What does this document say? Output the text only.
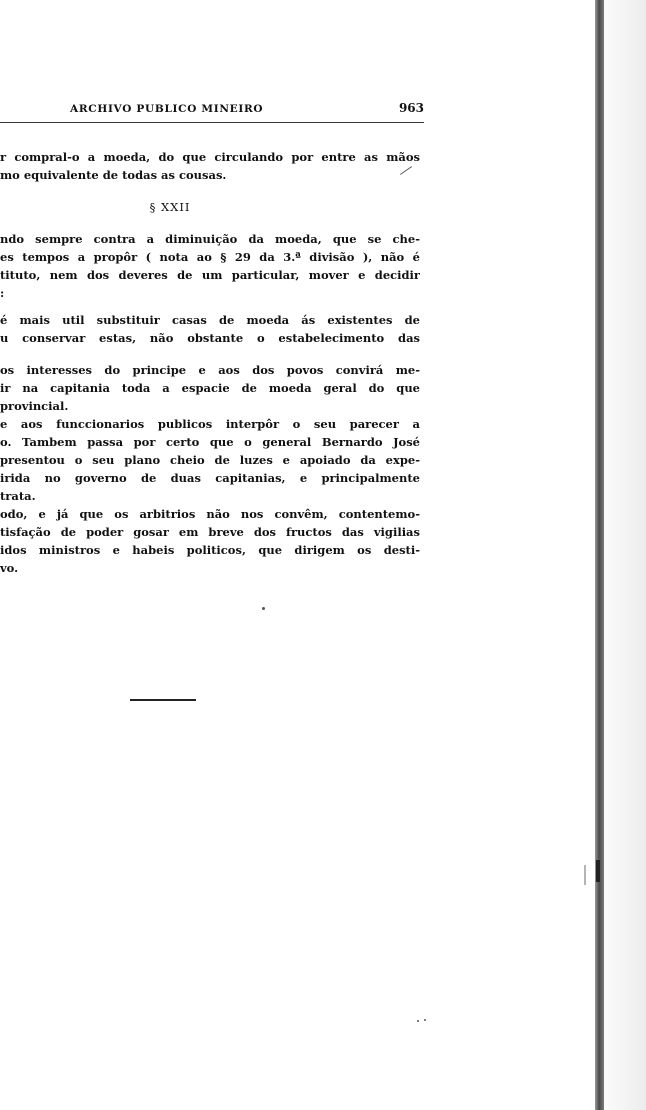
ARCHIVO PUBLICO MINEIRO	963
r compral-o a moeda, do que circulando por entre as mãos
mo equivalente de todas as cousas.
§ XXII
ndo sempre contra a diminuição da moeda, que se che-
es tempos a propôr ( nota ao § 29 da 3.ª divisão ), não é
tituto, nem dos deveres de um particular, mover e decidir
:
é mais util substituir casas de moeda ás existentes de
u conservar estas, não obstante o estabelecimento das
os interesses do principe e aos dos povos convirá me-
ir na capitania toda a espacie de moeda geral do que
provincial.
e aos funccionarios publicos interpôr o seu parecer a
o. Tambem passa por certo que o general Bernardo José
presentou o seu plano cheio de luzes e apoiado da expe-
irida no governo de duas capitanias, e principalmente
trata.
odo, e já que os arbitrios não nos convêm, contentemo-
tisfação de poder gosar em breve dos fructos das vigilias
idos ministros e habeis politicos, que dirigem os desti-
vo.
